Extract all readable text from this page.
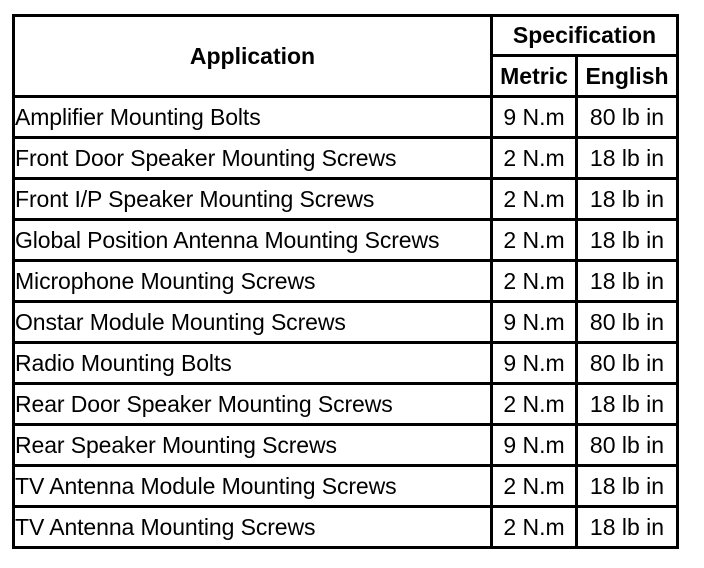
Application	Specification	
	Metric	English
Amplifier Mounting Bolts	9 N.m	80 lb in
Front Door Speaker Mounting Screws	2 N.m	18 lb in
Front I/P Speaker Mounting Screws	2 N.m	18 lb in
Global Position Antenna Mounting Screws	2 N.m	18 lb in
Microphone Mounting Screws	2 N.m	18 lb in
Onstar Module Mounting Screws	9 N.m	80 lb in
Radio Mounting Bolts	9 N.m	80 lb in
Rear Door Speaker Mounting Screws	2 N.m	18 lb in
Rear Speaker Mounting Screws	9 N.m	80 lb in
TV Antenna Module Mounting Screws	2 N.m	18 lb in
TV Antenna Mounting Screws	2 N.m	18 lb in
